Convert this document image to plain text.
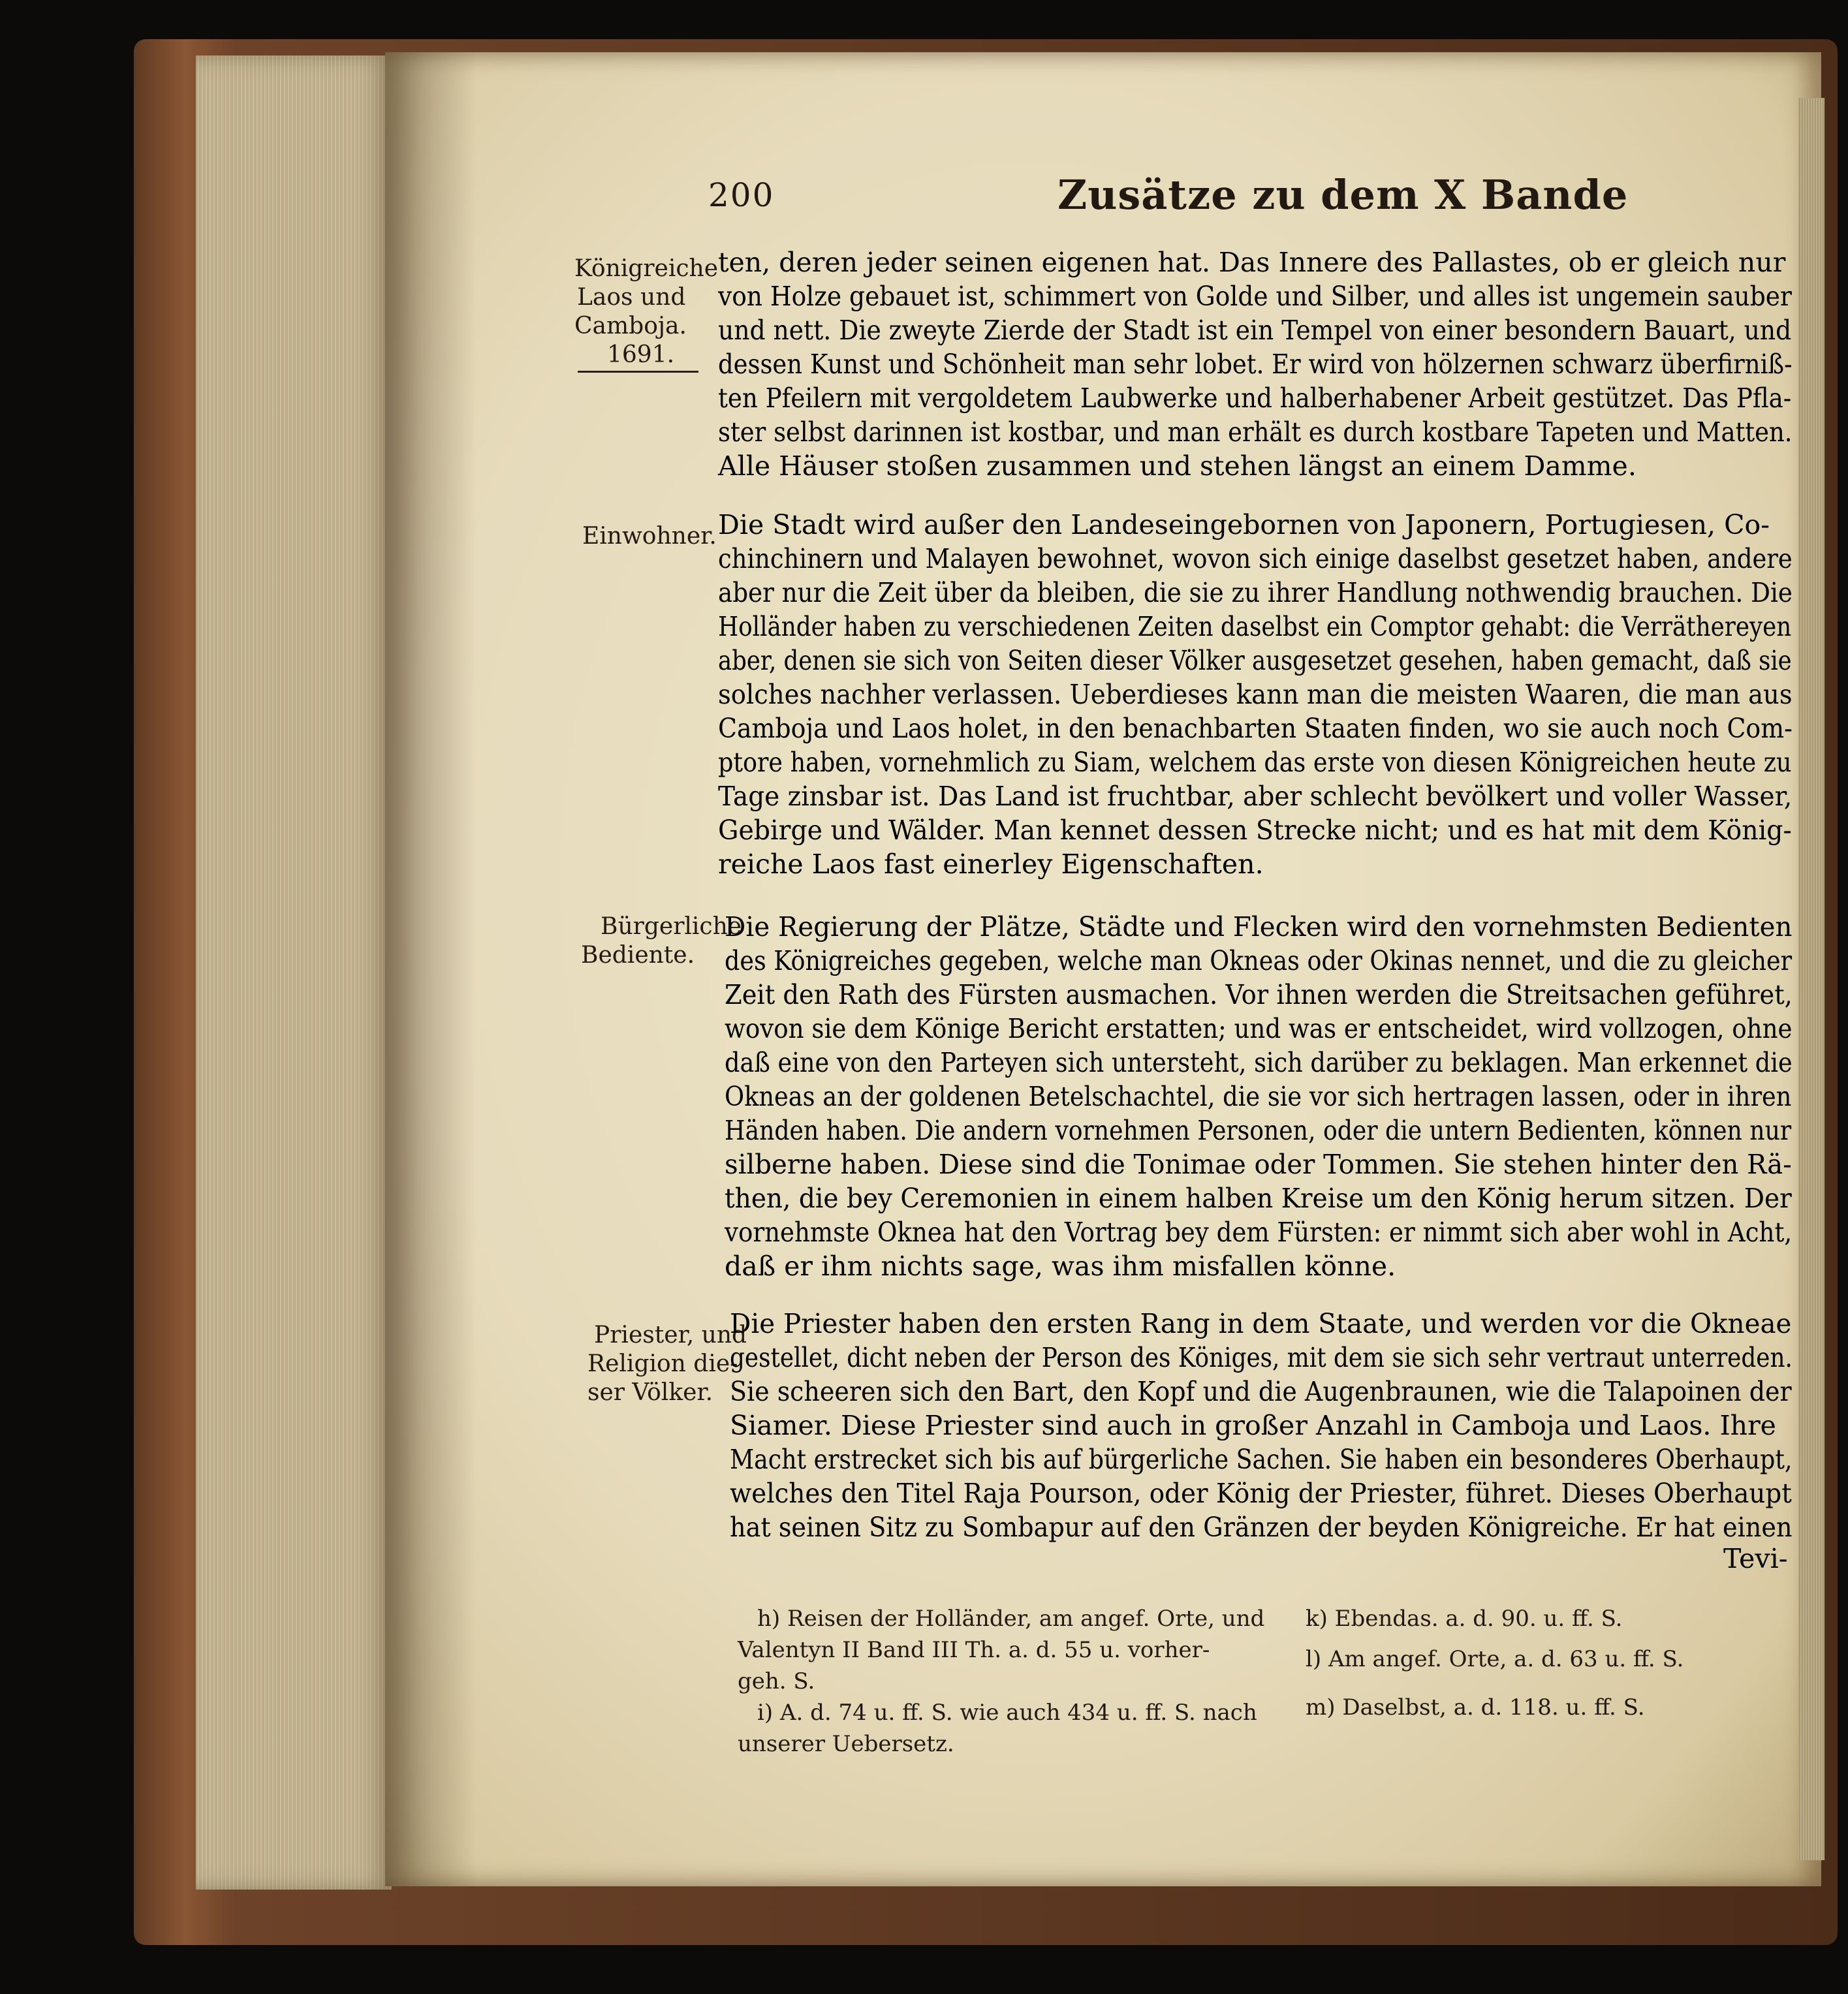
200	Zusätze zu dem X Bande
Königreiche
Laos und
Camboja.
1691.
Einwohner.
Bürgerliche
Bediente.
Priester, und
Religion die-
ser Völker.
ten, deren jeder seinen eigenen hat. Das Innere des Pallastes, ob er gleich nur
von Holze gebauet ist, schimmert von Golde und Silber, und alles ist ungemein sauber
und nett. Die zweyte Zierde der Stadt ist ein Tempel von einer besondern Bauart, und
dessen Kunst und Schönheit man sehr lobet. Er wird von hölzernen schwarz überfirniß-
ten Pfeilern mit vergoldetem Laubwerke und halberhabener Arbeit gestützet. Das Pfla-
ster selbst darinnen ist kostbar, und man erhält es durch kostbare Tapeten und Matten.
Alle Häuser stoßen zusammen und stehen längst an einem Damme.
Die Stadt wird außer den Landeseingebornen von Japonern, Portugiesen, Co-
chinchinern und Malayen bewohnet, wovon sich einige daselbst gesetzet haben, andere
aber nur die Zeit über da bleiben, die sie zu ihrer Handlung nothwendig brauchen. Die
Holländer haben zu verschiedenen Zeiten daselbst ein Comptor gehabt: die Verräthereyen
aber, denen sie sich von Seiten dieser Völker ausgesetzet gesehen, haben gemacht, daß sie
solches nachher verlassen. Ueberdieses kann man die meisten Waaren, die man aus
Camboja und Laos holet, in den benachbarten Staaten finden, wo sie auch noch Com-
ptore haben, vornehmlich zu Siam, welchem das erste von diesen Königreichen heute zu
Tage zinsbar ist. Das Land ist fruchtbar, aber schlecht bevölkert und voller Wasser,
Gebirge und Wälder. Man kennet dessen Strecke nicht; und es hat mit dem König-
reiche Laos fast einerley Eigenschaften.
Die Regierung der Plätze, Städte und Flecken wird den vornehmsten Bedienten
des Königreiches gegeben, welche man Okneas oder Okinas nennet, und die zu gleicher
Zeit den Rath des Fürsten ausmachen. Vor ihnen werden die Streitsachen geführet,
wovon sie dem Könige Bericht erstatten; und was er entscheidet, wird vollzogen, ohne
daß eine von den Parteyen sich untersteht, sich darüber zu beklagen. Man erkennet die
Okneas an der goldenen Betelschachtel, die sie vor sich hertragen lassen, oder in ihren
Händen haben. Die andern vornehmen Personen, oder die untern Bedienten, können nur
silberne haben. Diese sind die Tonimae oder Tommen. Sie stehen hinter den Rä-
then, die bey Ceremonien in einem halben Kreise um den König herum sitzen. Der
vornehmste Oknea hat den Vortrag bey dem Fürsten: er nimmt sich aber wohl in Acht,
daß er ihm nichts sage, was ihm misfallen könne.
Die Priester haben den ersten Rang in dem Staate, und werden vor die Okneae
gestellet, dicht neben der Person des Königes, mit dem sie sich sehr vertraut unterreden.
Sie scheeren sich den Bart, den Kopf und die Augenbraunen, wie die Talapoinen der
Siamer. Diese Priester sind auch in großer Anzahl in Camboja und Laos. Ihre
Macht erstrecket sich bis auf bürgerliche Sachen. Sie haben ein besonderes Oberhaupt,
welches den Titel Raja Pourson, oder König der Priester, führet. Dieses Oberhaupt
hat seinen Sitz zu Sombapur auf den Gränzen der beyden Königreiche. Er hat einen
Tevi-
h) Reisen der Holländer, am angef. Orte, und
Valentyn II Band III Th. a. d. 55 u. vorher-
geh. S.
i) A. d. 74 u. ff. S. wie auch 434 u. ff. S. nach
unserer Uebersetz.
k) Ebendas. a. d. 90. u. ff. S.
l) Am angef. Orte, a. d. 63 u. ff. S.
m) Daselbst, a. d. 118. u. ff. S.
